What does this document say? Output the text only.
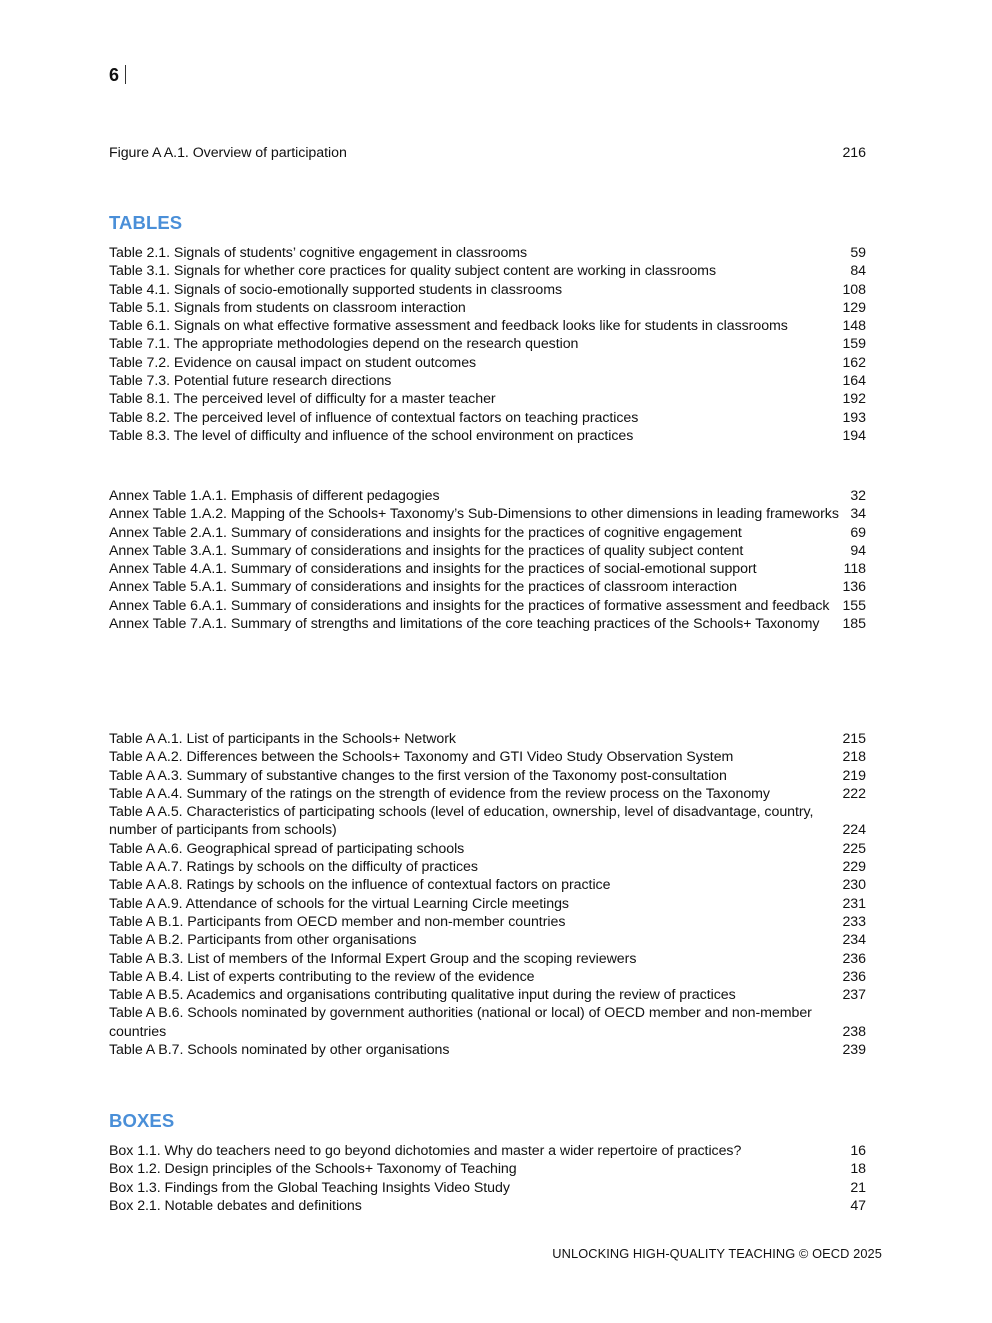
6
Figure A A.1. Overview of participation	216
TABLES
Table 2.1. Signals of students’ cognitive engagement in classrooms	59
Table 3.1. Signals for whether core practices for quality subject content are working in classrooms	84
Table 4.1. Signals of socio-emotionally supported students in classrooms	108
Table 5.1. Signals from students on classroom interaction	129
Table 6.1. Signals on what effective formative assessment and feedback looks like for students in classrooms	148
Table 7.1. The appropriate methodologies depend on the research question	159
Table 7.2. Evidence on causal impact on student outcomes	162
Table 7.3. Potential future research directions	164
Table 8.1. The perceived level of difficulty for a master teacher	192
Table 8.2. The perceived level of influence of contextual factors on teaching practices	193
Table 8.3. The level of difficulty and influence of the school environment on practices	194
Annex Table 1.A.1. Emphasis of different pedagogies	32
Annex Table 1.A.2. Mapping of the Schools+ Taxonomy’s Sub-Dimensions to other dimensions in leading frameworks 34
Annex Table 2.A.1. Summary of considerations and insights for the practices of cognitive engagement	69
Annex Table 3.A.1. Summary of considerations and insights for the practices of quality subject content	94
Annex Table 4.A.1. Summary of considerations and insights for the practices of social-emotional support	118
Annex Table 5.A.1. Summary of considerations and insights for the practices of classroom interaction	136
Annex Table 6.A.1. Summary of considerations and insights for the practices of formative assessment and feedback 155
Annex Table 7.A.1. Summary of strengths and limitations of the core teaching practices of the Schools+ Taxonomy	185
Table A A.1. List of participants in the Schools+ Network	215
Table A A.2. Differences between the Schools+ Taxonomy and GTI Video Study Observation System	218
Table A A.3. Summary of substantive changes to the first version of the Taxonomy post-consultation	219
Table A A.4. Summary of the ratings on the strength of evidence from the review process on the Taxonomy	222
Table A A.5. Characteristics of participating schools (level of education, ownership, level of disadvantage, country, number of participants from schools)	224
Table A A.6. Geographical spread of participating schools	225
Table A A.7. Ratings by schools on the difficulty of practices	229
Table A A.8. Ratings by schools on the influence of contextual factors on practice	230
Table A A.9. Attendance of schools for the virtual Learning Circle meetings	231
Table A B.1. Participants from OECD member and non-member countries	233
Table A B.2. Participants from other organisations	234
Table A B.3. List of members of the Informal Expert Group and the scoping reviewers	236
Table A B.4. List of experts contributing to the review of the evidence	236
Table A B.5. Academics and organisations contributing qualitative input during the review of practices	237
Table A B.6. Schools nominated by government authorities (national or local) of OECD member and non-member countries	238
Table A B.7. Schools nominated by other organisations	239
BOXES
Box 1.1. Why do teachers need to go beyond dichotomies and master a wider repertoire of practices?	16
Box 1.2. Design principles of the Schools+ Taxonomy of Teaching	18
Box 1.3. Findings from the Global Teaching Insights Video Study	21
Box 2.1. Notable debates and definitions	47
UNLOCKING HIGH-QUALITY TEACHING © OECD 2025
